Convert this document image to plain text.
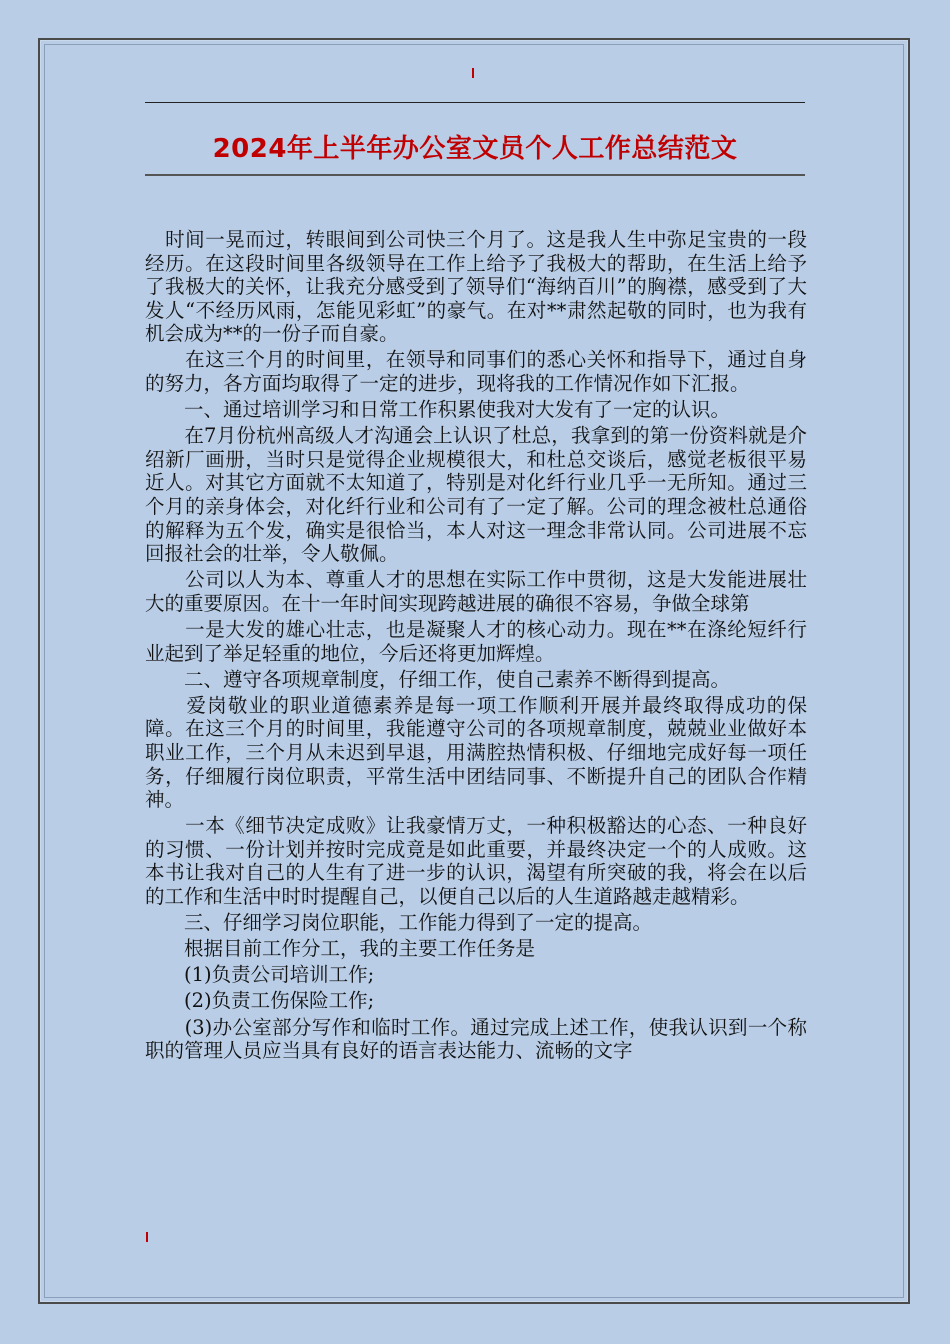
2024年上半年办公室文员个人工作总结范文

　时间一晃而过，转眼间到公司快三个月了。这是我人生中弥足宝贵的一段经历。在这段时间里各级领导在工作上给予了我极大的帮助，在生活上给予了我极大的关怀，让我充分感受到了领导们“海纳百川”的胸襟，感受到了大发人“不经历风雨，怎能见彩虹”的豪气。在对**肃然起敬的同时，也为我有机会成为**的一份子而自豪。

　　在这三个月的时间里，在领导和同事们的悉心关怀和指导下，通过自身的努力，各方面均取得了一定的进步，现将我的工作情况作如下汇报。

　　一、通过培训学习和日常工作积累使我对大发有了一定的认识。

　　在7月份杭州高级人才沟通会上认识了杜总，我拿到的第一份资料就是介绍新厂画册，当时只是觉得企业规模很大，和杜总交谈后，感觉老板很平易近人。对其它方面就不太知道了，特别是对化纤行业几乎一无所知。通过三个月的亲身体会，对化纤行业和公司有了一定了解。公司的理念被杜总通俗的解释为五个发，确实是很恰当，本人对这一理念非常认同。公司进展不忘回报社会的壮举，令人敬佩。

　　公司以人为本、尊重人才的思想在实际工作中贯彻，这是大发能进展壮大的重要原因。在十一年时间实现跨越进展的确很不容易，争做全球第

　　一是大发的雄心壮志，也是凝聚人才的核心动力。现在**在涤纶短纤行业起到了举足轻重的地位，今后还将更加辉煌。

　　二、遵守各项规章制度，仔细工作，使自己素养不断得到提高。

　　爱岗敬业的职业道德素养是每一项工作顺利开展并最终取得成功的保障。在这三个月的时间里，我能遵守公司的各项规章制度，兢兢业业做好本职业工作，三个月从未迟到早退，用满腔热情积极、仔细地完成好每一项任务，仔细履行岗位职责，平常生活中团结同事、不断提升自己的团队合作精神。

　　一本《细节决定成败》让我豪情万丈，一种积极豁达的心态、一种良好的习惯、一份计划并按时完成竟是如此重要，并最终决定一个的人成败。这本书让我对自己的人生有了进一步的认识，渴望有所突破的我，将会在以后的工作和生活中时时提醒自己，以便自己以后的人生道路越走越精彩。

　　三、仔细学习岗位职能，工作能力得到了一定的提高。

　　根据目前工作分工，我的主要工作任务是

　　(1)负责公司培训工作;

　　(2)负责工伤保险工作;

　　(3)办公室部分写作和临时工作。通过完成上述工作，使我认识到一个称职的管理人员应当具有良好的语言表达能力、流畅的文字
